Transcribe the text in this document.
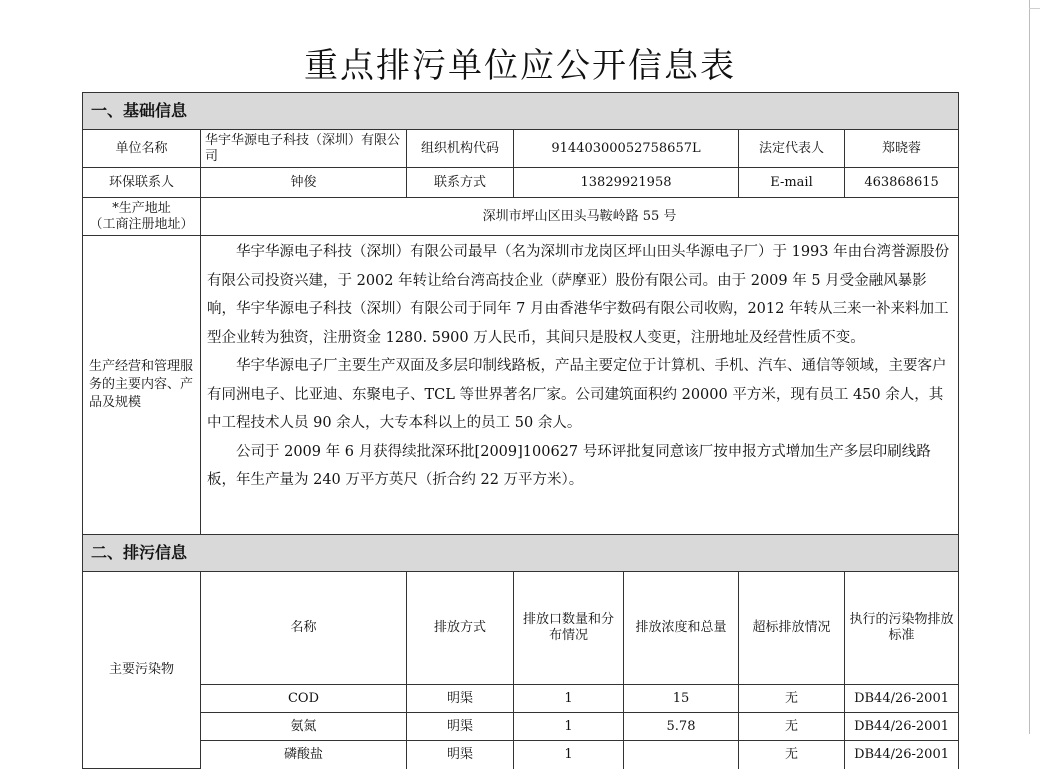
重点排污单位应公开信息表
一、基础信息							
单位名称	华宇华源电子科技（深圳）有限公司	组织机构代码	91440300052758657L		法定代表人	郑晓蓉	
环保联系人	钟俊	联系方式	13829921958		E-mail	463868615	

*生产地址
（工商注册地址）	深圳市坪山区田头马鞍岭路 55 号						
生产经营和管理服务的主要内容、产品及规模	华宇华源电子科技（深圳）有限公司最早（名为深圳市龙岗区坪山田头华源电子厂）于 1993 年由台湾誉源股份有限公司投资兴建，于 2002 年转让给台湾高技企业（萨摩亚）股份有限公司。由于 2009 年 5 月受金融风暴影响，华宇华源电子科技（深圳）有限公司于同年 7 月由香港华宇数码有限公司收购，2012 年转从三来一补来料加工型企业转为独资，注册资金 1280. 5900 万人民币，其间只是股权人变更，注册地址及经营性质不变。

华宇华源电子厂主要生产双面及多层印制线路板，产品主要定位于计算机、手机、汽车、通信等领域，主要客户有同洲电子、比亚迪、东聚电子、TCL 等世界著名厂家。公司建筑面积约 20000 平方米，现有员工 450 余人，其中工程技术人员 90 余人，大专本科以上的员工 50 余人。

公司于 2009 年 6 月获得续批深环批[2009]100627 号环评批复同意该厂按申报方式增加生产多层印刷线路板，年生产量为 240 万平方英尺（折合约 22 万平方米）。						

二、排污信息							
主要污染物	名称	排放方式	排放口数量和分布情况	排放浓度和总量	超标排放情况	执行的污染物排放标准	
	COD	明渠	1	15	无	DB44/26-2001	
	氨氮	明渠	1	5.78	无	DB44/26-2001	
	磷酸盐	明渠	1		无	DB44/26-2001	
